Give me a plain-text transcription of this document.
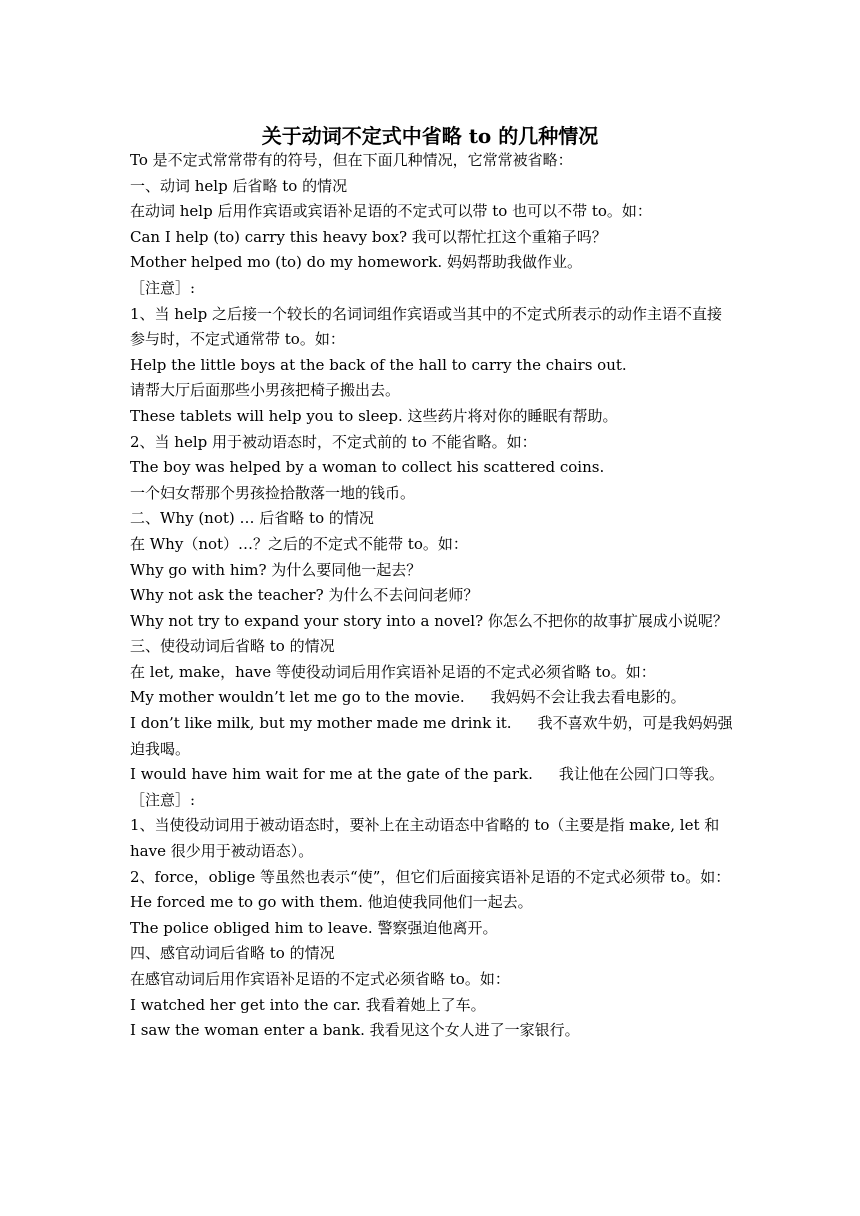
关于动词不定式中省略 to 的几种情况

To 是不定式常常带有的符号，但在下面几种情况，它常常被省略：

一、动词 help 后省略 to 的情况

在动词 help 后用作宾语或宾语补足语的不定式可以带 to 也可以不带 to。如：

Can I help (to) carry this heavy box? 我可以帮忙扛这个重箱子吗？

Mother helped mo (to) do my homework. 妈妈帮助我做作业。

［注意］:

1、当 help 之后接一个较长的名词词组作宾语或当其中的不定式所表示的动作主语不直接参与时，不定式通常带 to。如：

Help the little boys at the back of the hall to carry the chairs out.

请帮大厅后面那些小男孩把椅子搬出去。

These tablets will help you to sleep. 这些药片将对你的睡眠有帮助。

2、当 help 用于被动语态时，不定式前的 to 不能省略。如：

The boy was helped by a woman to collect his scattered coins.

一个妇女帮那个男孩捡拾散落一地的钱币。

二、Why (not) … 后省略 to 的情况

在 Why（not）…？之后的不定式不能带 to。如：

Why go with him? 为什么要同他一起去？

Why not ask the teacher? 为什么不去问问老师？

Why not try to expand your story into a novel? 你怎么不把你的故事扩展成小说呢？

三、使役动词后省略 to 的情况

在 let, make，have 等使役动词后用作宾语补足语的不定式必须省略 to。如：

My mother wouldn’t let me go to the movie. 我妈妈不会让我去看电影的。

I don’t like milk, but my mother made me drink it. 我不喜欢牛奶，可是我妈妈强迫我喝。

I would have him wait for me at the gate of the park. 我让他在公园门口等我。

［注意］:

1、当使役动词用于被动语态时，要补上在主动语态中省略的 to（主要是指 make, let 和 have 很少用于被动语态）。

2、force，oblige 等虽然也表示“使”，但它们后面接宾语补足语的不定式必须带 to。如：

He forced me to go with them. 他迫使我同他们一起去。

The police obliged him to leave. 警察强迫他离开。

四、感官动词后省略 to 的情况

在感官动词后用作宾语补足语的不定式必须省略 to。如：

I watched her get into the car. 我看着她上了车。

I saw the woman enter a bank. 我看见这个女人进了一家银行。
